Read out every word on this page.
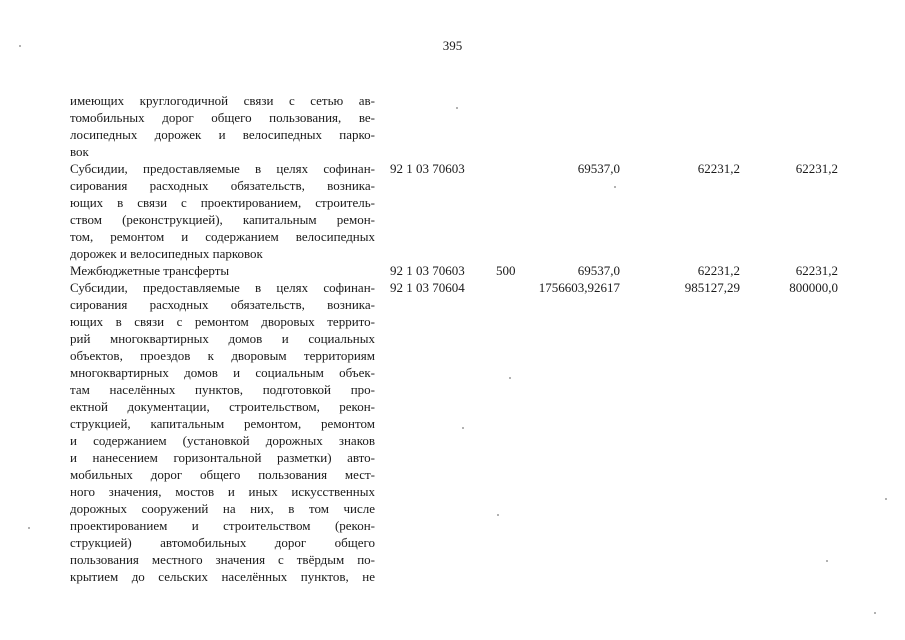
395
имеющих круглогодичной связи с сетью ав-
томобильных дорог общего пользования, ве-
лосипедных дорожек и велосипедных парко-
вок
Субсидии, предоставляемые в целях софинан-
сирования расходных обязательств, возника-
ющих в связи с проектированием, строитель-
ством (реконструкцией), капитальным ремон-
том, ремонтом и содержанием велосипедных
дорожек и велосипедных парковок
92 1 03 70603	69537,0	62231,2	62231,2
Межбюджетные трансферты	92 1 03 70603 500	69537,0	62231,2	62231,2
Субсидии, предоставляемые в целях софинан-
сирования расходных обязательств, возника-
ющих в связи с ремонтом дворовых террито-
рий многоквартирных домов и социальных
объектов, проездов к дворовым территориям
многоквартирных домов и социальным объек-
там населённых пунктов, подготовкой про-
ектной документации, строительством, рекон-
струкцией, капитальным ремонтом, ремонтом
и содержанием (установкой дорожных знаков
и нанесением горизонтальной разметки) авто-
мобильных дорог общего пользования мест-
ного значения, мостов и иных искусственных
дорожных сооружений на них, в том числе
проектированием и строительством (рекон-
струкцией) автомобильных дорог общего
пользования местного значения с твёрдым по-
крытием до сельских населённых пунктов, не
92 1 03 70604	1756603,92617	985127,29	800000,0
